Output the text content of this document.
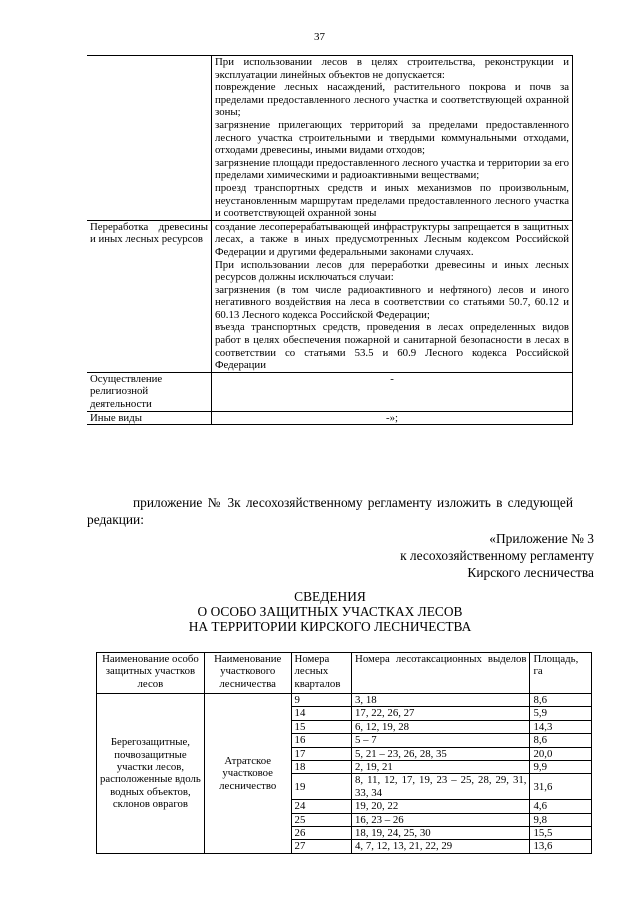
37

	При использовании лесов в целях строительства, реконструкции и эксплуатации линейных объектов не допускается:
повреждение лесных насаждений, растительного покрова и почв за пределами предоставленного лесного участка и соответствующей охранной зоны;
загрязнение прилегающих территорий за пределами предоставленного лесного участка строительными и твердыми коммунальными отходами, отходами древесины, иными видами отходов;
загрязнение площади предоставленного лесного участка и территории за его пределами химическими и радиоактивными веществами;
проезд транспортных средств и иных механизмов по произвольным, неустановленным маршрутам пределами предоставленного лесного участка и соответствующей охранной зоны

Переработка древесины и иных лесных ресурсов	создание лесоперерабатывающей инфраструктуры запрещается в защитных лесах, а также в иных предусмотренных Лесным кодексом Российской Федерации и другими федеральными законами случаях.
При использовании лесов для переработки древесины и иных лесных ресурсов должны исключаться случаи:
загрязнения (в том числе радиоактивного и нефтяного) лесов и иного негативного воздействия на леса в соответствии со статьями 50.7, 60.12 и 60.13 Лесного кодекса Российской Федерации;
въезда транспортных средств, проведения в лесах определенных видов работ в целях обеспечения пожарной и санитарной безопасности в лесах в соответствии со статьями 53.5 и 60.9 Лесного кодекса Российской Федерации

Осуществление религиозной деятельности	-
Иные виды	-»;
приложение № 3к лесохозяйственному регламенту изложить в следующей редакции:
«Приложение № 3
к лесохозяйственному регламенту
Кирского лесничества
СВЕДЕНИЯ
О ОСОБО ЗАЩИТНЫХ УЧАСТКАХ ЛЕСОВ
НА ТЕРРИТОРИИ КИРСКОГО ЛЕСНИЧЕСТВА
Наименование особо защитных участков лесов	Наименование участкового лесничества	Номера лесных кварталов	Номера лесотаксационных выделов	Площадь, га
Берегозащитные, почвозащитные участки лесов, расположенные вдоль водных объектов, склонов оврагов	Атратское участковое лесничество	9	3, 18	8,6
		14	17, 22, 26, 27	5,9
		15	6, 12, 19, 28	14,3
		16	5 – 7	8,6
		17	5, 21 – 23, 26, 28, 35	20,0
		18	2, 19, 21	9,9
		19	8, 11, 12, 17, 19, 23 – 25, 28, 29, 31, 33, 34	31,6
		24	19, 20, 22	4,6
		25	16, 23 – 26	9,8
		26	18, 19, 24, 25, 30	15,5
		27	4, 7, 12, 13, 21, 22, 29	13,6
